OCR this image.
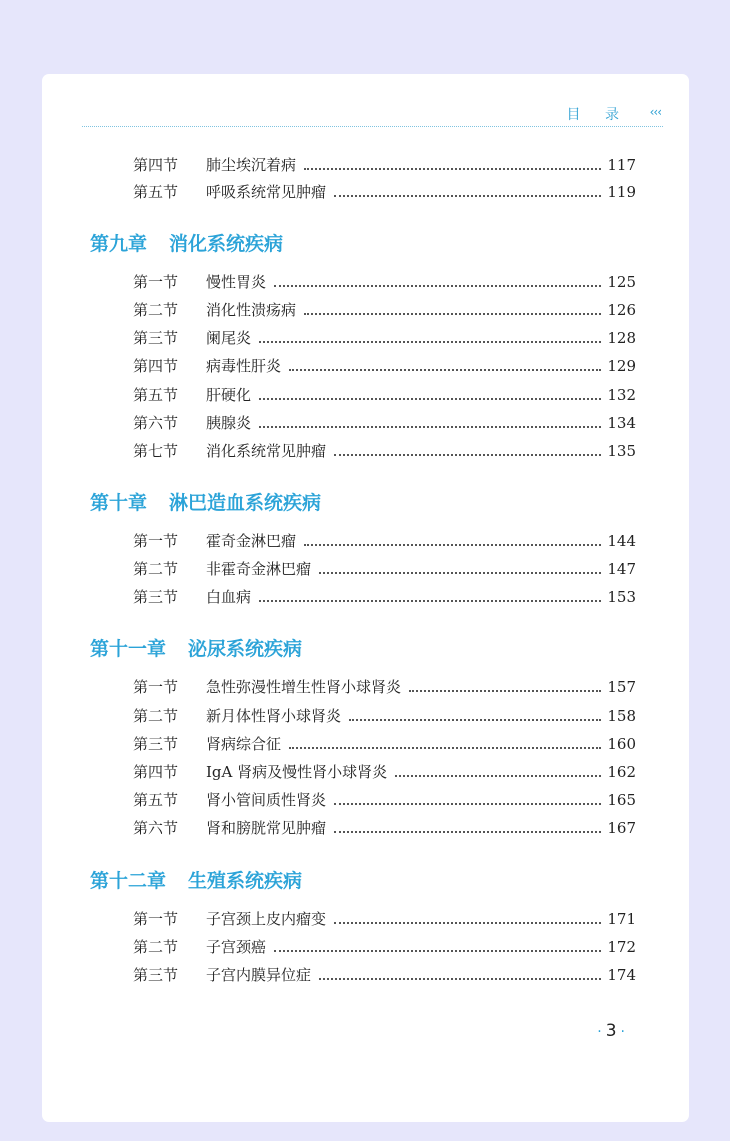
目 录 ‹‹‹
第四节	肺尘埃沉着病	117
第五节	呼吸系统常见肿瘤	119
第九章 消化系统疾病
第一节	慢性胃炎	125
第二节	消化性溃疡病	126
第三节	阑尾炎	128
第四节	病毒性肝炎	129
第五节	肝硬化	132
第六节	胰腺炎	134
第七节	消化系统常见肿瘤	135
第十章 淋巴造血系统疾病
第一节	霍奇金淋巴瘤	144
第二节	非霍奇金淋巴瘤	147
第三节	白血病	153
第十一章 泌尿系统疾病
第一节	急性弥漫性增生性肾小球肾炎	157
第二节	新月体性肾小球肾炎	158
第三节	肾病综合征	160
第四节	IgA 肾病及慢性肾小球肾炎	162
第五节	肾小管间质性肾炎	165
第六节	肾和膀胱常见肿瘤	167
第十二章 生殖系统疾病
第一节	子宫颈上皮内瘤变	171
第二节	子宫颈癌	172
第三节	子宫内膜异位症	174
· 3 ·
